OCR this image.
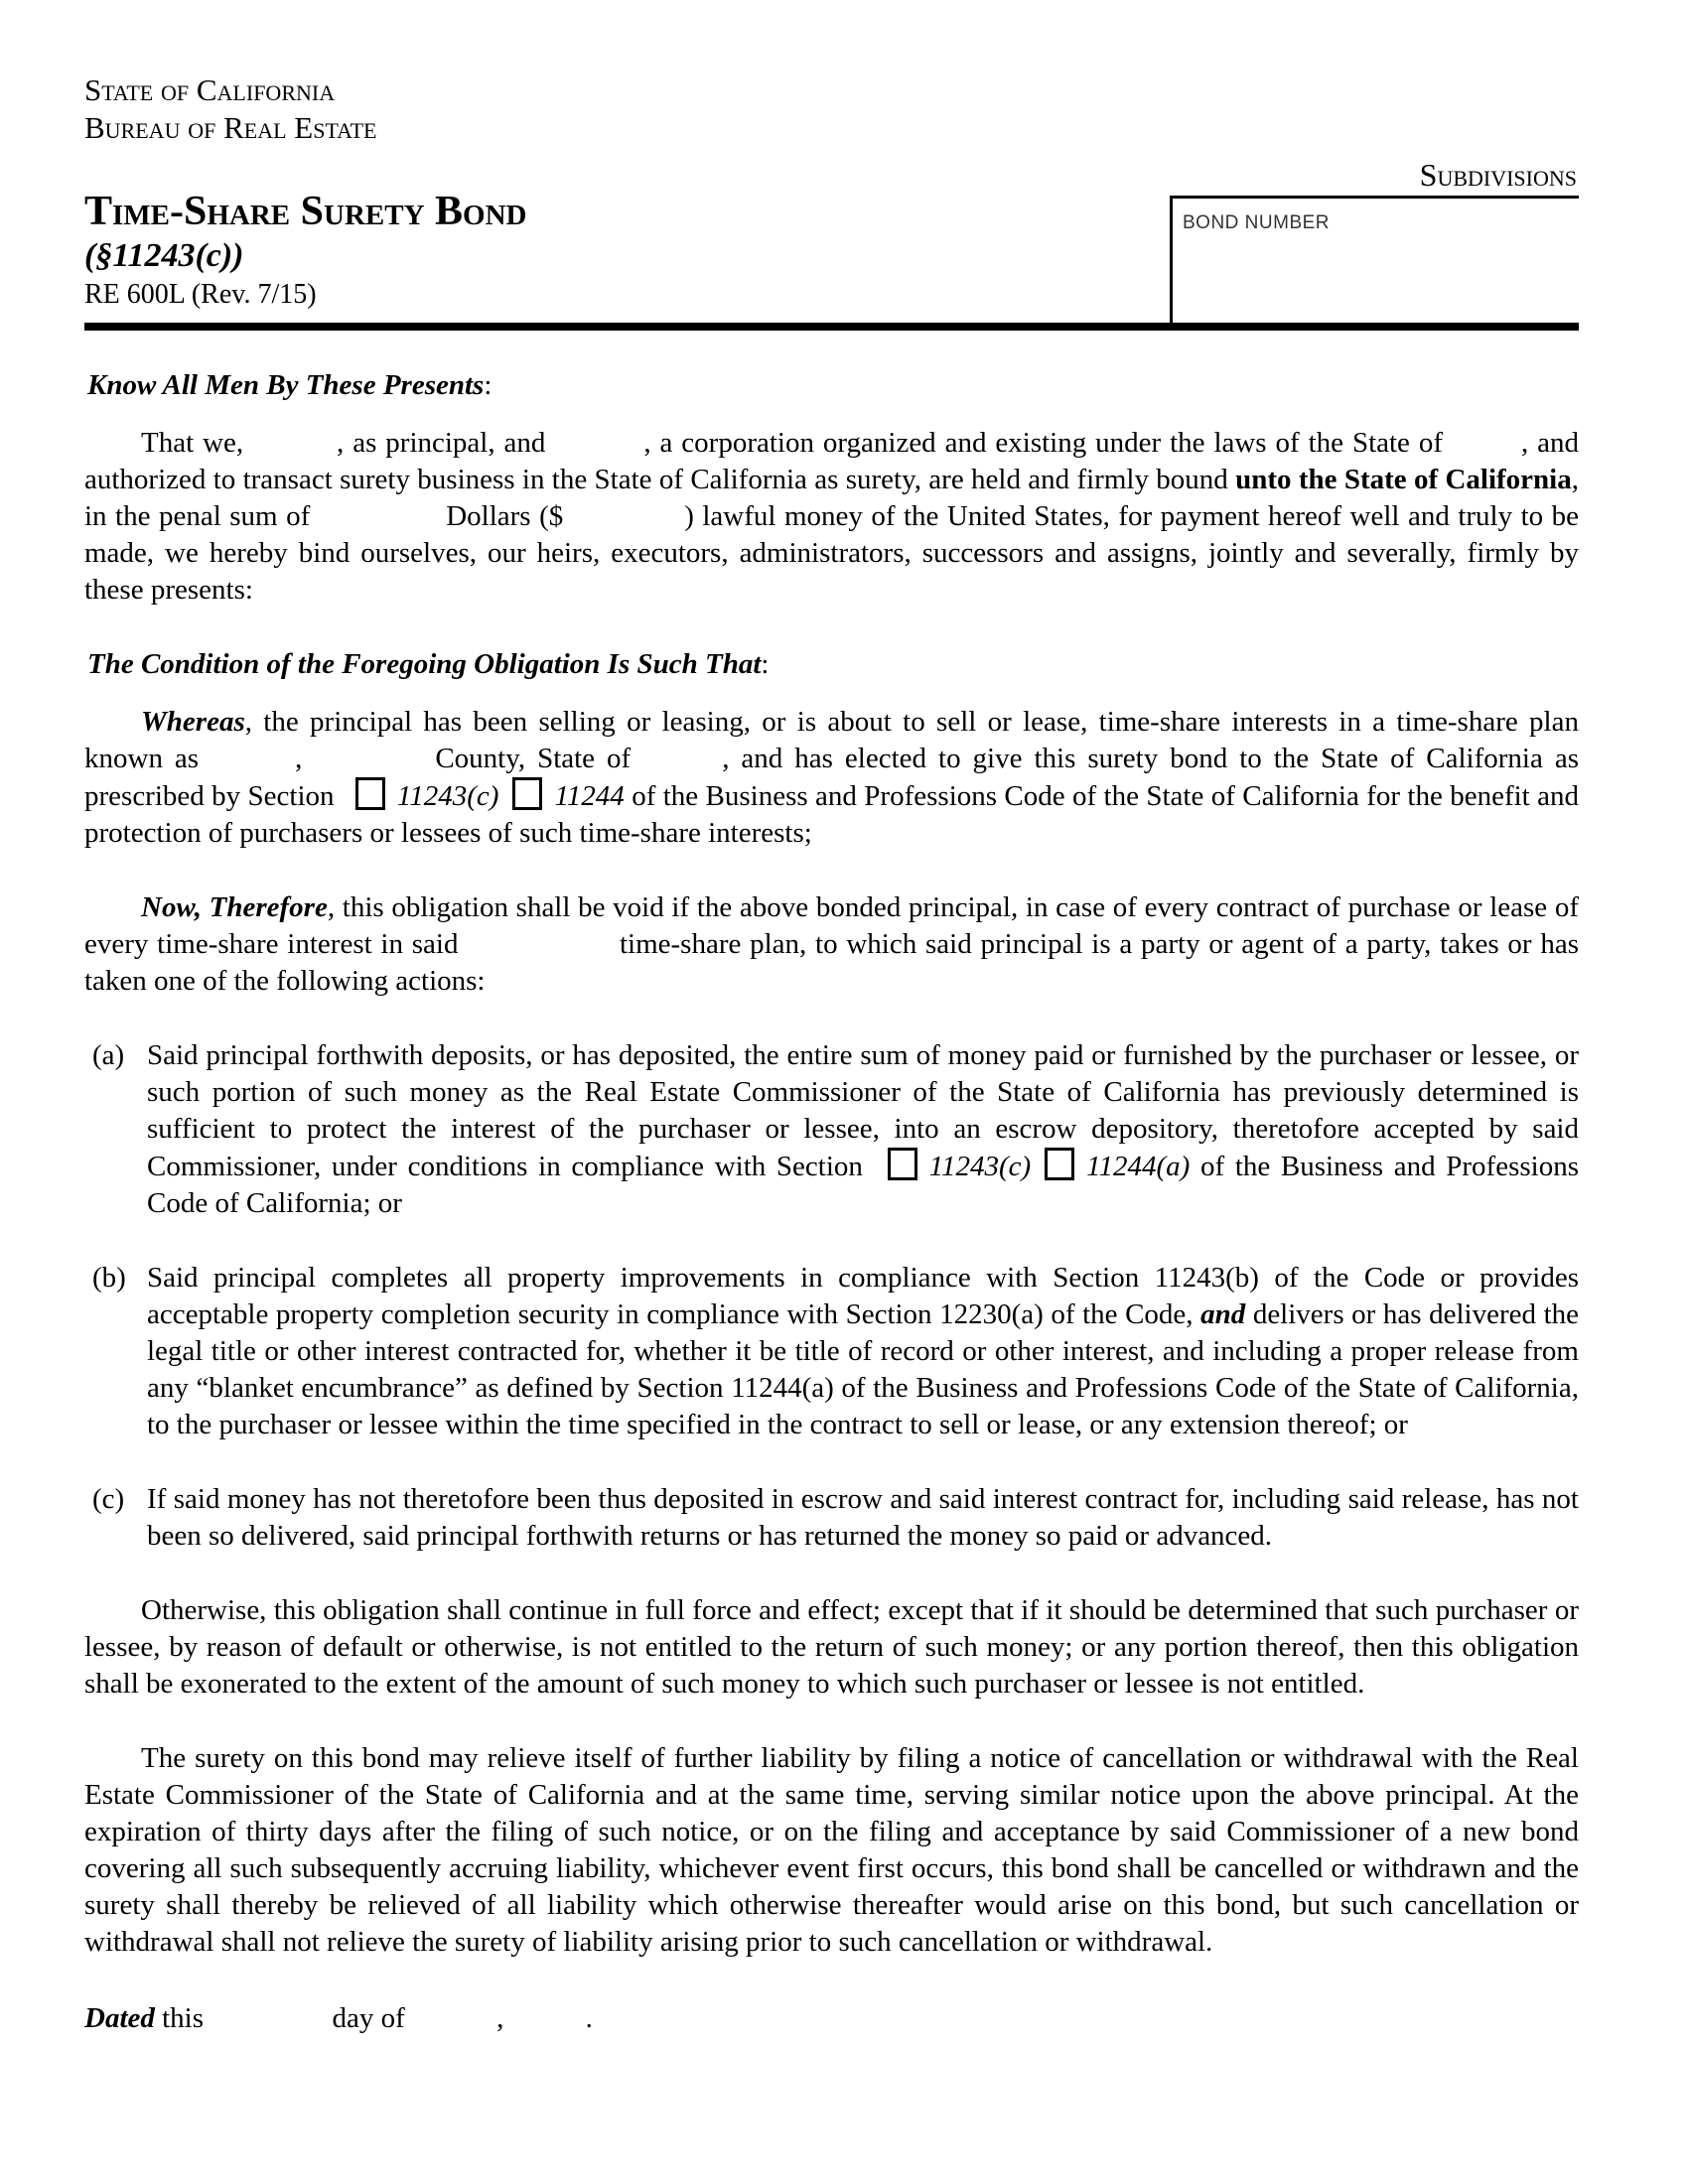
State of California
Bureau of Real Estate
Subdivisions
BOND NUMBER
Time-Share Surety Bond
(§11243(c))
RE 600L (Rev. 7/15)
Know All Men By These Presents:
That we,	, as principal, and	, a corporation organized and existing under the laws of the State of , and authorized to transact surety business in the State of California as surety, are held and firmly bound unto the State of California, in the penal sum of	Dollars ($	) lawful money of the United States, for payment hereof well and truly to be made, we hereby bind ourselves, our heirs, executors, administrators, successors and assigns, jointly and severally, firmly by these presents:
The Condition of the Foregoing Obligation Is Such That:
Whereas, the principal has been selling or leasing, or is about to sell or lease, time-share interests in a time-share plan known as	,	County, State of	, and has elected to give this surety bond to the State of California as prescribed by Section 11243(c) 11244 of the Business and Professions Code of the State of California for the benefit and protection of purchasers or lessees of such time-share interests;
Now, Therefore, this obligation shall be void if the above bonded principal, in case of every contract of purchase or lease of every time-share interest in said	time-share plan, to which said principal is a party or agent of a party, takes or has taken one of the following actions:
(a) Said principal forthwith deposits, or has deposited, the entire sum of money paid or furnished by the purchaser or lessee, or such portion of such money as the Real Estate Commissioner of the State of California has previously determined is sufficient to protect the interest of the purchaser or lessee, into an escrow depository, theretofore accepted by said Commissioner, under conditions in compliance with Section 11243(c) 11244(a) of the Business and Professions Code of California; or
(b) Said principal completes all property improvements in compliance with Section 11243(b) of the Code or provides acceptable property completion security in compliance with Section 12230(a) of the Code, and delivers or has delivered the legal title or other interest contracted for, whether it be title of record or other interest, and including a proper release from any “blanket encumbrance” as defined by Section 11244(a) of the Business and Professions Code of the State of California, to the purchaser or lessee within the time specified in the contract to sell or lease, or any extension thereof; or
(c) If said money has not theretofore been thus deposited in escrow and said interest contract for, including said release, has not been so delivered, said principal forthwith returns or has returned the money so paid or advanced.
Otherwise, this obligation shall continue in full force and effect; except that if it should be determined that such purchaser or lessee, by reason of default or otherwise, is not entitled to the return of such money; or any portion thereof, then this obligation shall be exonerated to the extent of the amount of such money to which such purchaser or lessee is not entitled.
The surety on this bond may relieve itself of further liability by filing a notice of cancellation or withdrawal with the Real Estate Commissioner of the State of California and at the same time, serving similar notice upon the above principal. At the expiration of thirty days after the filing of such notice, or on the filing and acceptance by said Commissioner of a new bond covering all such subsequently accruing liability, whichever event first occurs, this bond shall be cancelled or withdrawn and the surety shall thereby be relieved of all liability which otherwise thereafter would arise on this bond, but such cancellation or withdrawal shall not relieve the surety of liability arising prior to such cancellation or withdrawal.
Dated this	day of	,	.
